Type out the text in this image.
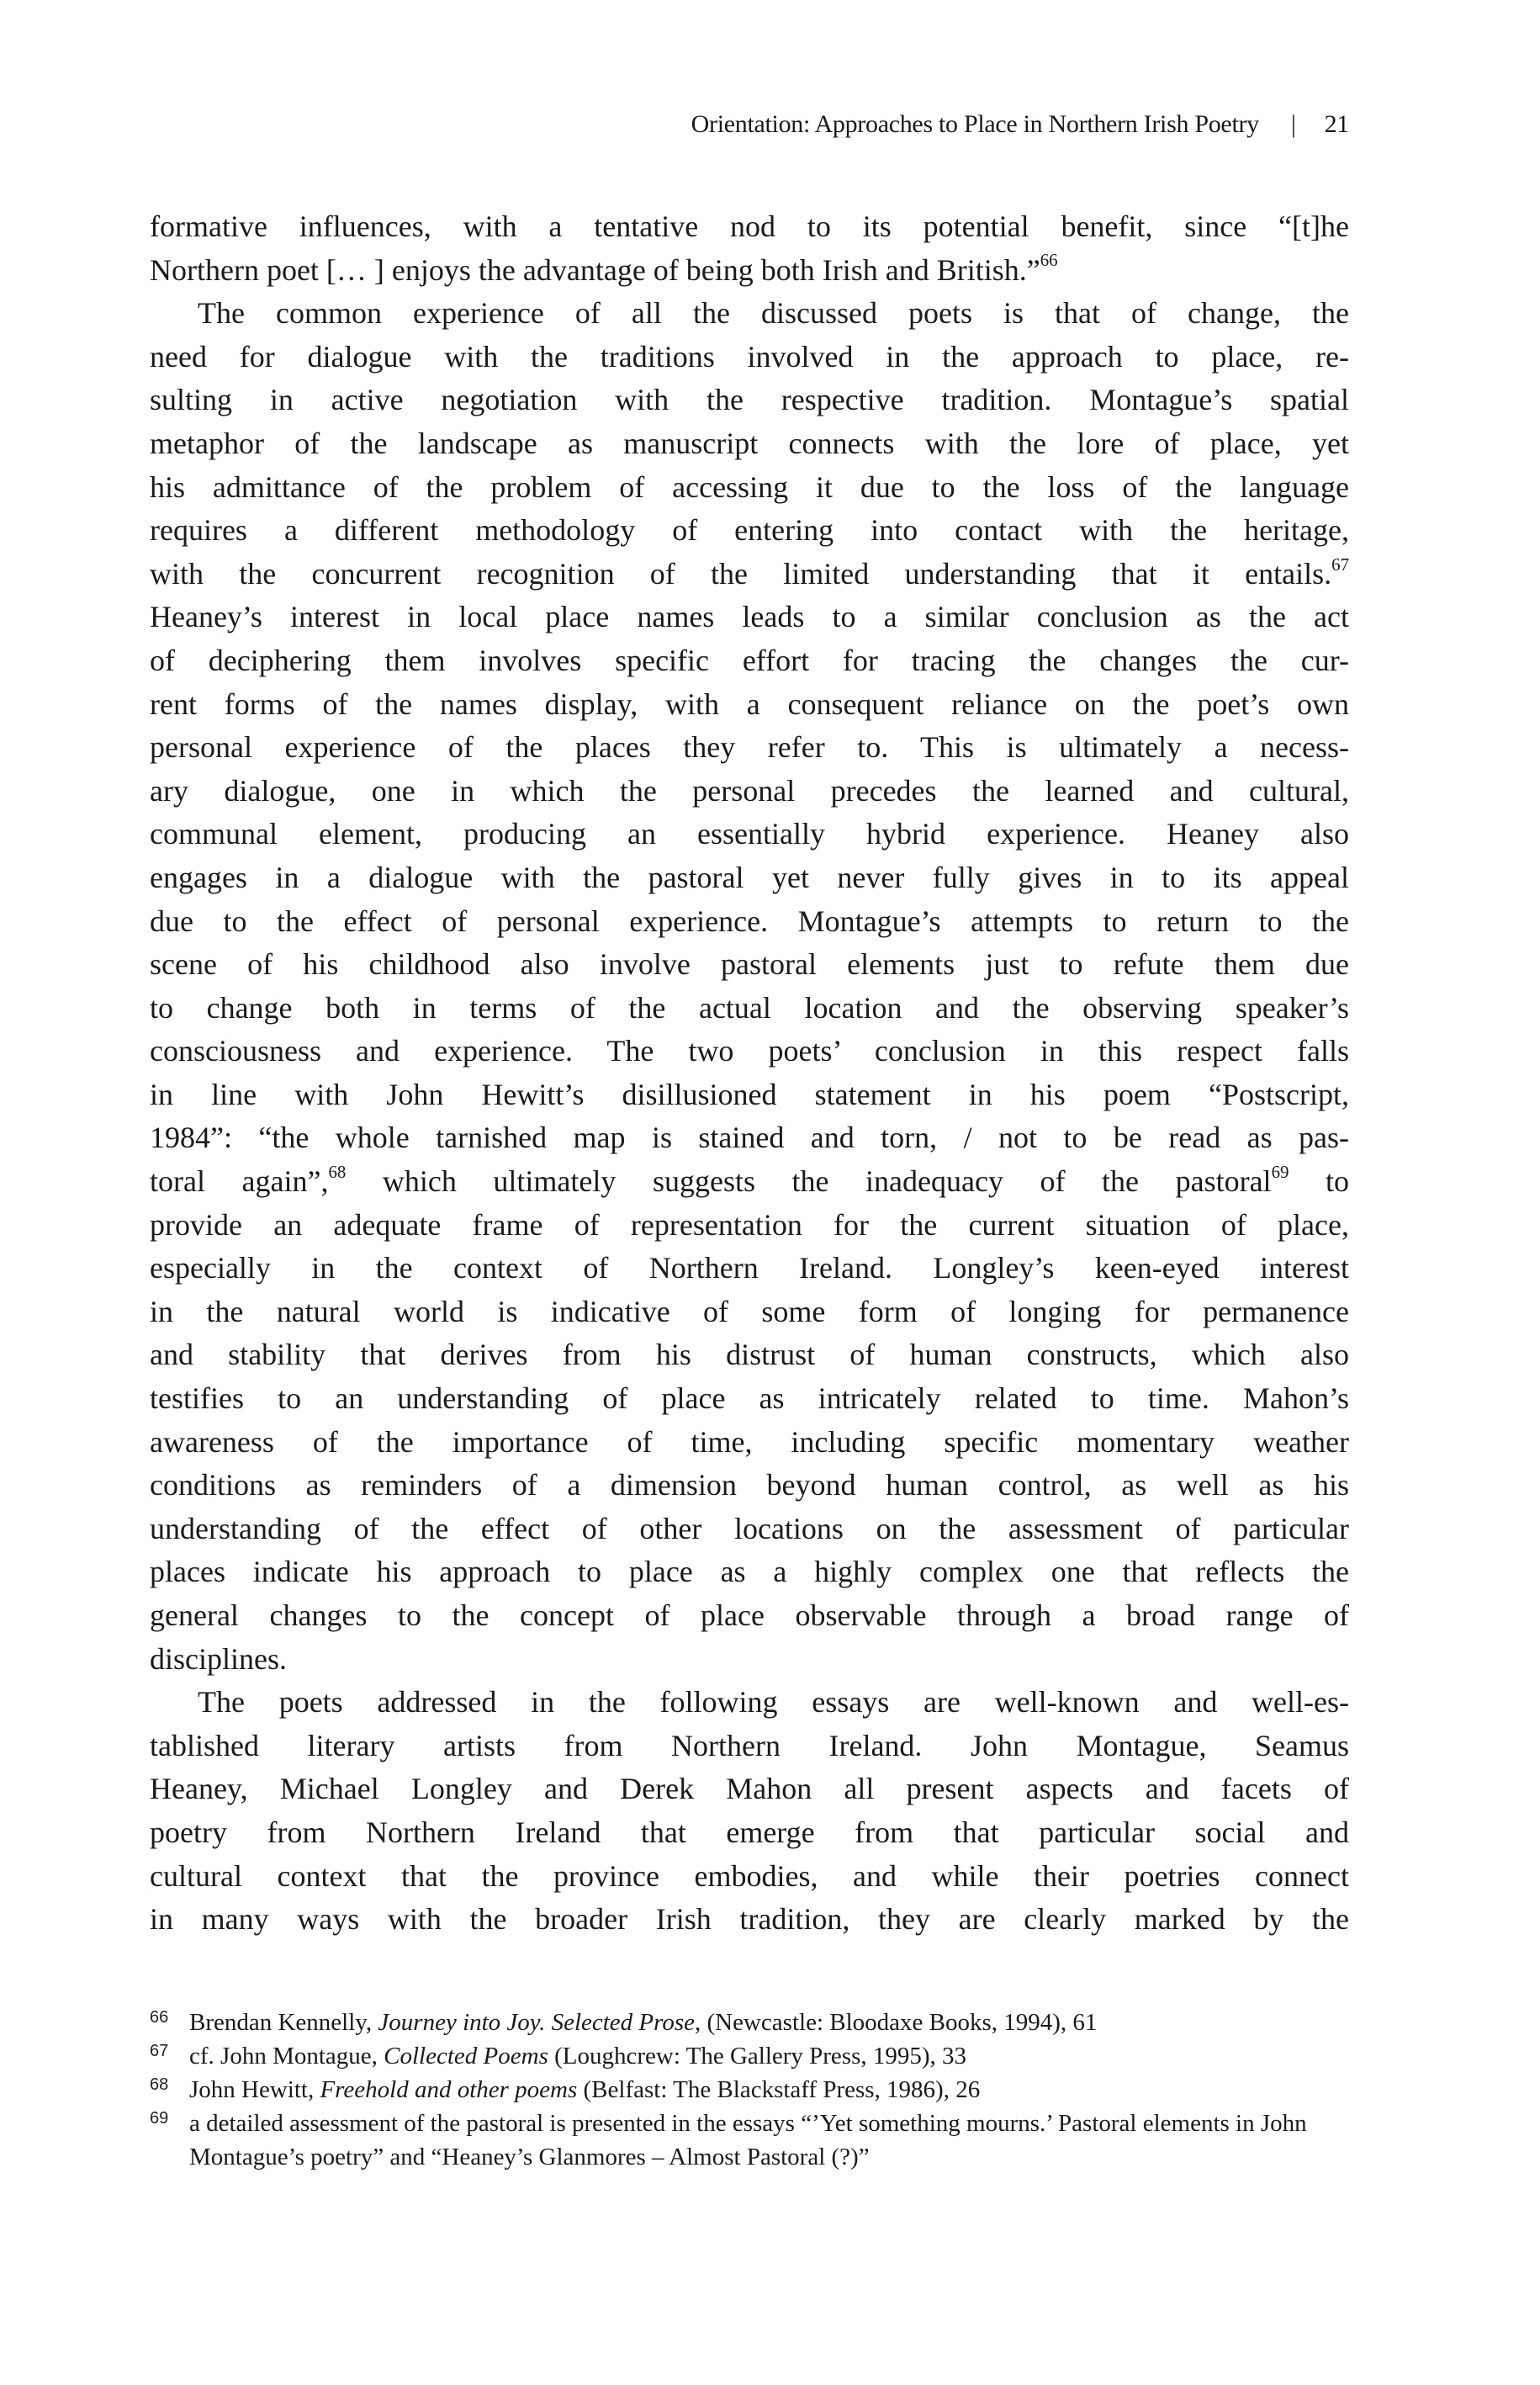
Orientation: Approaches to Place in Northern Irish Poetry | 21
formative influences, with a tentative nod to its potential benefit, since “[t]he
Northern poet [… ] enjoys the advantage of being both Irish and British.”$^{66}$
The common experience of all the discussed poets is that of change, the
need for dialogue with the traditions involved in the approach to place, re-
sulting in active negotiation with the respective tradition. Montague’s spatial
metaphor of the landscape as manuscript connects with the lore of place, yet
his admittance of the problem of accessing it due to the loss of the language
requires a different methodology of entering into contact with the heritage,
with the concurrent recognition of the limited understanding that it entails.$^{67}$
Heaney’s interest in local place names leads to a similar conclusion as the act
of deciphering them involves specific effort for tracing the changes the cur-
rent forms of the names display, with a consequent reliance on the poet’s own
personal experience of the places they refer to. This is ultimately a necess-
ary dialogue, one in which the personal precedes the learned and cultural,
communal element, producing an essentially hybrid experience. Heaney also
engages in a dialogue with the pastoral yet never fully gives in to its appeal
due to the effect of personal experience. Montague’s attempts to return to the
scene of his childhood also involve pastoral elements just to refute them due
to change both in terms of the actual location and the observing speaker’s
consciousness and experience. The two poets’ conclusion in this respect falls
in line with John Hewitt’s disillusioned statement in his poem “Postscript,
1984”: “the whole tarnished map is stained and torn, / not to be read as pas-
toral again”,$^{68}$ which ultimately suggests the inadequacy of the pastoral$^{69}$ to
provide an adequate frame of representation for the current situation of place,
especially in the context of Northern Ireland. Longley’s keen-eyed interest
in the natural world is indicative of some form of longing for permanence
and stability that derives from his distrust of human constructs, which also
testifies to an understanding of place as intricately related to time. Mahon’s
awareness of the importance of time, including specific momentary weather
conditions as reminders of a dimension beyond human control, as well as his
understanding of the effect of other locations on the assessment of particular
places indicate his approach to place as a highly complex one that reflects the
general changes to the concept of place observable through a broad range of
disciplines.
The poets addressed in the following essays are well-known and well-es-
tablished literary artists from Northern Ireland. John Montague, Seamus
Heaney, Michael Longley and Derek Mahon all present aspects and facets of
poetry from Northern Ireland that emerge from that particular social and
cultural context that the province embodies, and while their poetries connect
in many ways with the broader Irish tradition, they are clearly marked by the
66 Brendan Kennelly, Journey into Joy. Selected Prose, (Newcastle: Bloodaxe Books, 1994), 61
67 cf. John Montague, Collected Poems (Loughcrew: The Gallery Press, 1995), 33
68 John Hewitt, Freehold and other poems (Belfast: The Blackstaff Press, 1986), 26
69 a detailed assessment of the pastoral is presented in the essays “’Yet something mourns.’ Pastoral elements in John Montague’s poetry” and “Heaney’s Glanmores – Almost Pastoral (?)”
